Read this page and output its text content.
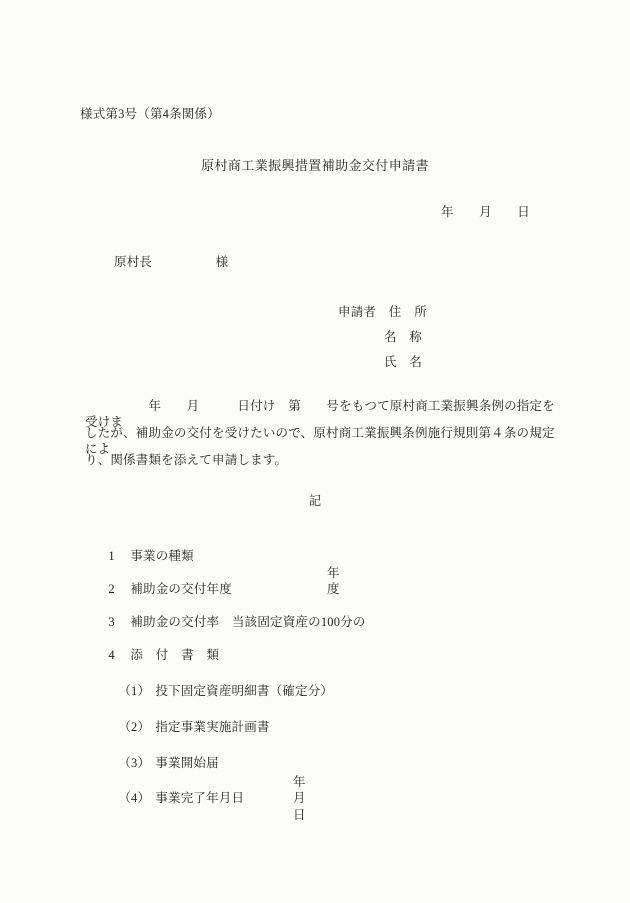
様式第3号（第4条関係）
原村商工業振興措置補助金交付申請書
年　　月　　日
原村長　　　　　様
申請者　住　所
名　称
氏　名
　　　　　年　　月　　　日付け　第　　号をもつて原村商工業振興条例の指定を受けま
したが、補助金の交付を受けたいので、原村商工業振興条例施行規則第４条の規定によ
り、関係書類を添えて申請します。
記

1 事業の種類

2 補助金の交付年度

年度

3 補助金の交付率　当該固定資産の100分の

4 添　付　書　類

（1） 投下固定資産明細書（確定分）

（2） 指定事業実施計画書

（3） 事業開始届

（4） 事業完了年月日

年　　月　　日
